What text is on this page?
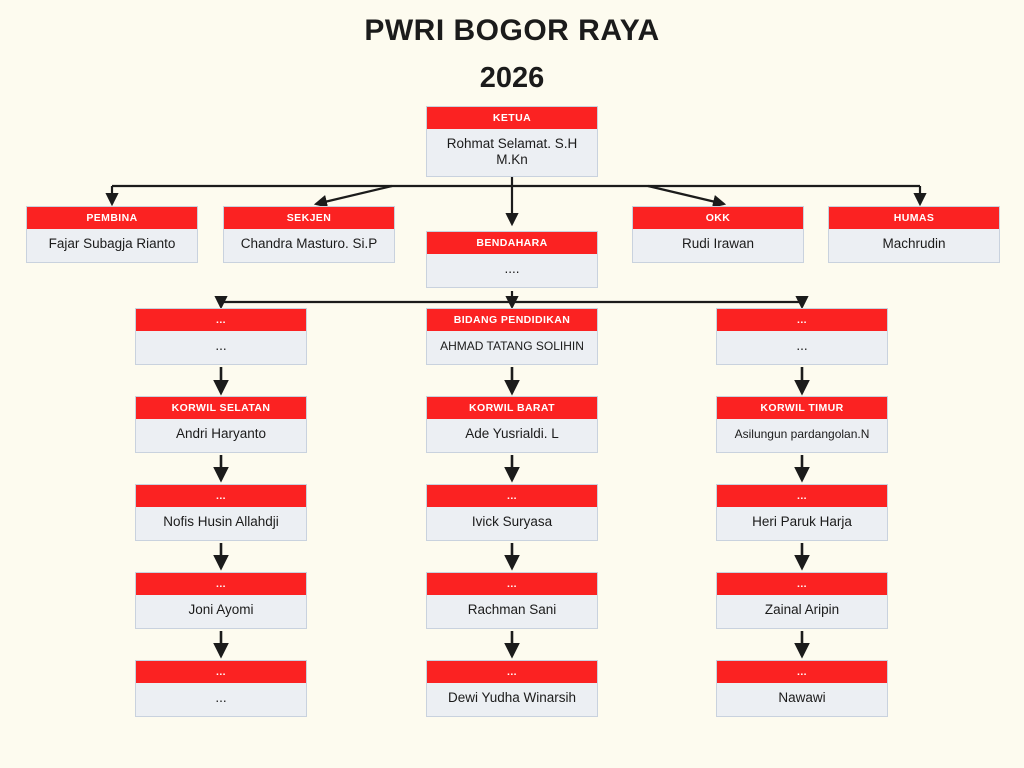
PWRI BOGOR RAYA
2026
KETUA
Rohmat Selamat. S.H M.Kn
PEMBINA
Fajar Subagja Rianto
SEKJEN
Chandra Masturo. Si.P	BENDAHARA
....
OKK
Rudi Irawan
HUMAS
Machrudin
...
...
BIDANG PENDIDIKAN
AHMAD TATANG SOLIHIN
...
...
KORWIL SELATAN
Andri Haryanto
KORWIL BARAT
Ade Yusrialdi. L
KORWIL TIMUR
Asilungun pardangolan.N
...
Nofis Husin Allahdji
...
Ivick Suryasa
...
Heri Paruk Harja
...
Joni Ayomi
...
Rachman Sani
...
Zainal Aripin
...
...
...
Dewi Yudha Winarsih
...
Nawawi
